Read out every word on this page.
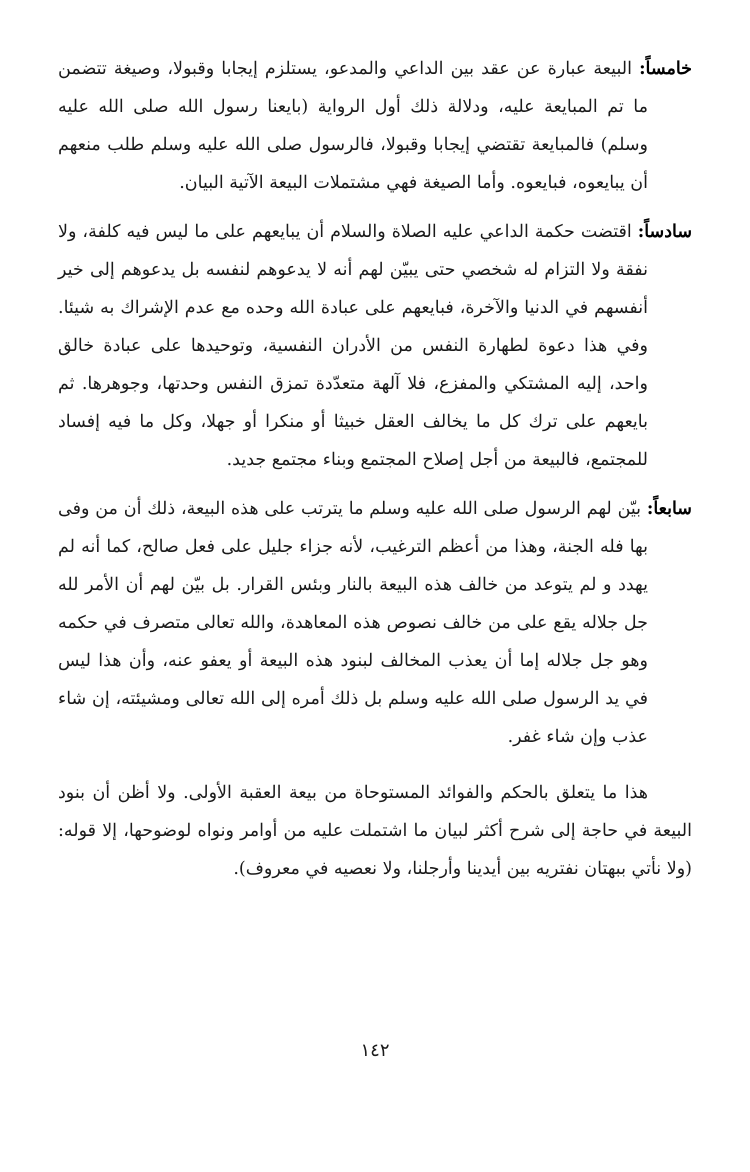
خامساً: البيعة عبارة عن عقد بين الداعي والمدعو، يستلزم إيجابا وقبولا، وصيغة تتضمن ما تم المبايعة عليه، ودلالة ذلك أول الرواية (بايعنا رسول الله صلى الله عليه وسلم) فالمبايعة تقتضي إيجابا وقبولا، فالرسول صلى الله عليه وسلم طلب منعهم أن يبايعوه، فبايعوه. وأما الصيغة فهي مشتملات البيعة الآتية البيان.

سادساً: اقتضت حكمة الداعي عليه الصلاة والسلام أن يبايعهم على ما ليس فيه كلفة، ولا نفقة ولا التزام له شخصي حتى يبيّن لهم أنه لا يدعوهم لنفسه بل يدعوهم إلى خير أنفسهم في الدنيا والآخرة، فبايعهم على عبادة الله وحده مع عدم الإشراك به شيئا. وفي هذا دعوة لطهارة النفس من الأدران النفسية، وتوحيدها على عبادة خالق واحد، إليه المشتكي والمفزع، فلا آلهة متعدّدة تمزق النفس وحدتها، وجوهرها. ثم بايعهم على ترك كل ما يخالف العقل خبيثا أو منكرا أو جهلا، وكل ما فيه إفساد للمجتمع، فالبيعة من أجل إصلاح المجتمع وبناء مجتمع جديد.

سابعاً: بيّن لهم الرسول صلى الله عليه وسلم ما يترتب على هذه البيعة، ذلك أن من وفى بها فله الجنة، وهذا من أعظم الترغيب، لأنه جزاء جليل على فعل صالح، كما أنه لم يهدد و لم يتوعد من خالف هذه البيعة بالنار وبئس القرار. بل بيّن لهم أن الأمر لله جل جلاله يقع على من خالف نصوص هذه المعاهدة، والله تعالى متصرف في حكمه وهو جل جلاله إما أن يعذب المخالف لبنود هذه البيعة أو يعفو عنه، وأن هذا ليس في يد الرسول صلى الله عليه وسلم بل ذلك أمره إلى الله تعالى ومشيئته، إن شاء عذب وإن شاء غفر.

هذا ما يتعلق بالحكم والفوائد المستوحاة من بيعة العقبة الأولى. ولا أظن أن بنود البيعة في حاجة إلى شرح أكثر لبيان ما اشتملت عليه من أوامر ونواه لوضوحها، إلا قوله: (ولا نأتي ببهتان نفتريه بين أيدينا وأرجلنا، ولا نعصيه في معروف).

١٤٢
